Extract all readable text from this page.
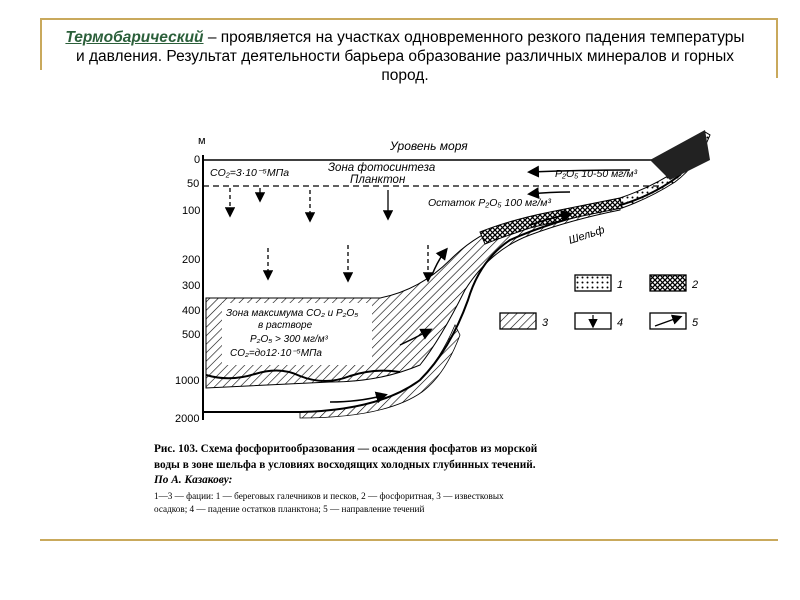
Термобарический – проявляется на участках одновременного резкого падения температуры и давления. Результат деятельности барьера образование различных минералов и горных пород.
м
0
50
100
200
300
400
500
1000
2000
Уровень моря
Зона фотосинтеза
Планктон
CO₂=3·10⁻⁵МПа	P₂O₅ 10-50 мг/м³
Остаток P₂O₅ 100 мг/м³
Шельф
Зона максимума CO₂ и P₂O₅
в растворе
P₂O₅ > 300 мг/м³
CO₂=до12·10⁻⁵МПа
1	2
3	4	5
Рис. 103. Схема фосфоритообразования — осаждения фосфатов из морской
воды в зоне шельфа в условиях восходящих холодных глубинных течений.
По А. Казакову:
1—3 — фации: 1 — береговых галечников и песков, 2 — фосфоритная, 3 — известковых
осадков; 4 — падение остатков планктона; 5 — направление течений
